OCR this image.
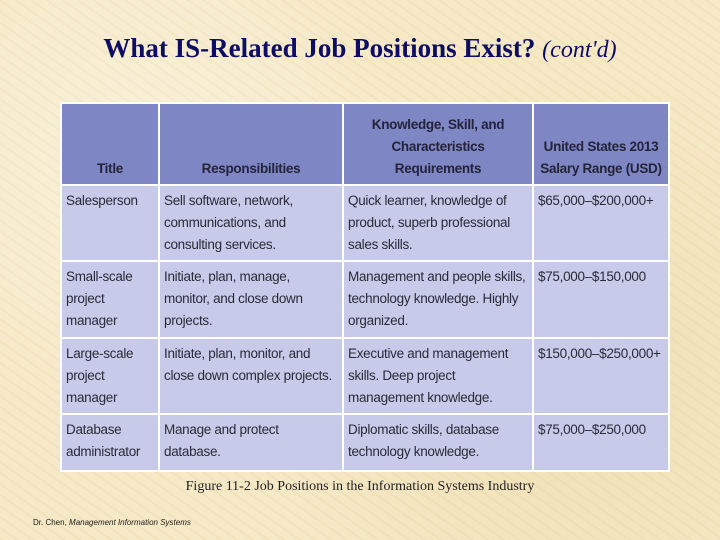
What IS-Related Job Positions Exist? (cont'd)
Title	Responsibilities	Knowledge, Skill, and Characteristics Requirements	United States 2013 Salary Range (USD)
Salesperson	Sell software, network, communications, and consulting services.	Quick learner, knowledge of product, superb professional sales skills.	$65,000–$200,000+
Small-scale project manager	Initiate, plan, manage, monitor, and close down projects.	Management and people skills, technology knowledge. Highly organized.	$75,000–$150,000
Large-scale project manager	Initiate, plan, monitor, and close down complex projects.	Executive and management skills. Deep project management knowledge.	$150,000–$250,000+
Database administrator	Manage and protect database.	Diplomatic skills, database technology knowledge.	$75,000–$250,000
Figure 11-2 Job Positions in the Information Systems Industry
Dr. Chen, Management Information Systems
